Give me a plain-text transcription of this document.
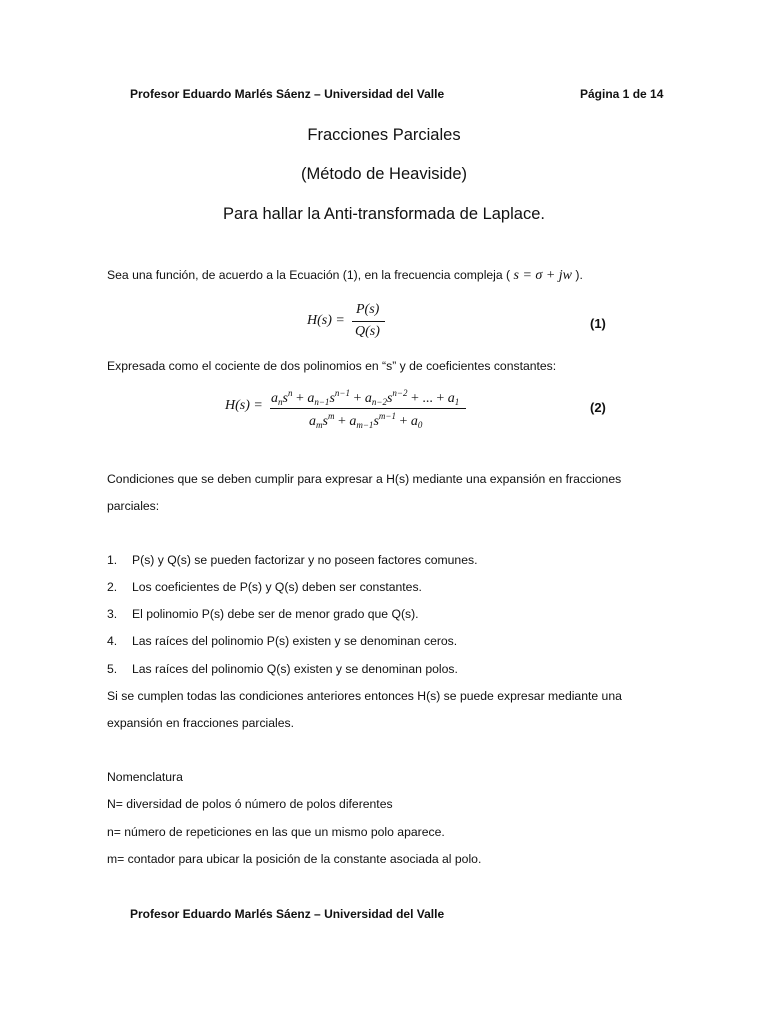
Profesor Eduardo Marlés Sáenz – Universidad del Valle	Página 1 de 14
Fracciones Parciales
(Método de Heaviside)
Para hallar la Anti-transformada de Laplace.
Sea una función, de acuerdo a la Ecuación (1), en la frecuencia compleja ( s = σ + jw ).
H(s) =
P(s)
Q(s)
(1)
Expresada como el cociente de dos polinomios en “s” y de coeficientes constantes:
$H(s) = a_ns^n + a_{n-1}s^{n-1} + a_{n-2}s^{n-2}$ + ... + $a_1$
$a_ms^m + a_{m-1}s^{m-1} + a_0$
(2)
Condiciones que se deben cumplir para expresar a H(s) mediante una expansión en fracciones
parciales:
1. P(s) y Q(s) se pueden factorizar y no poseen factores comunes.
2. Los coeficientes de P(s) y Q(s) deben ser constantes.
3. El polinomio P(s) debe ser de menor grado que Q(s).
4. Las raíces del polinomio P(s) existen y se denominan ceros.
5. Las raíces del polinomio Q(s) existen y se denominan polos.
Si se cumplen todas las condiciones anteriores entonces H(s) se puede expresar mediante una
expansión en fracciones parciales.
Nomenclatura
N= diversidad de polos ó número de polos diferentes
n= número de repeticiones en las que un mismo polo aparece.
m= contador para ubicar la posición de la constante asociada al polo.
Profesor Eduardo Marlés Sáenz – Universidad del Valle
